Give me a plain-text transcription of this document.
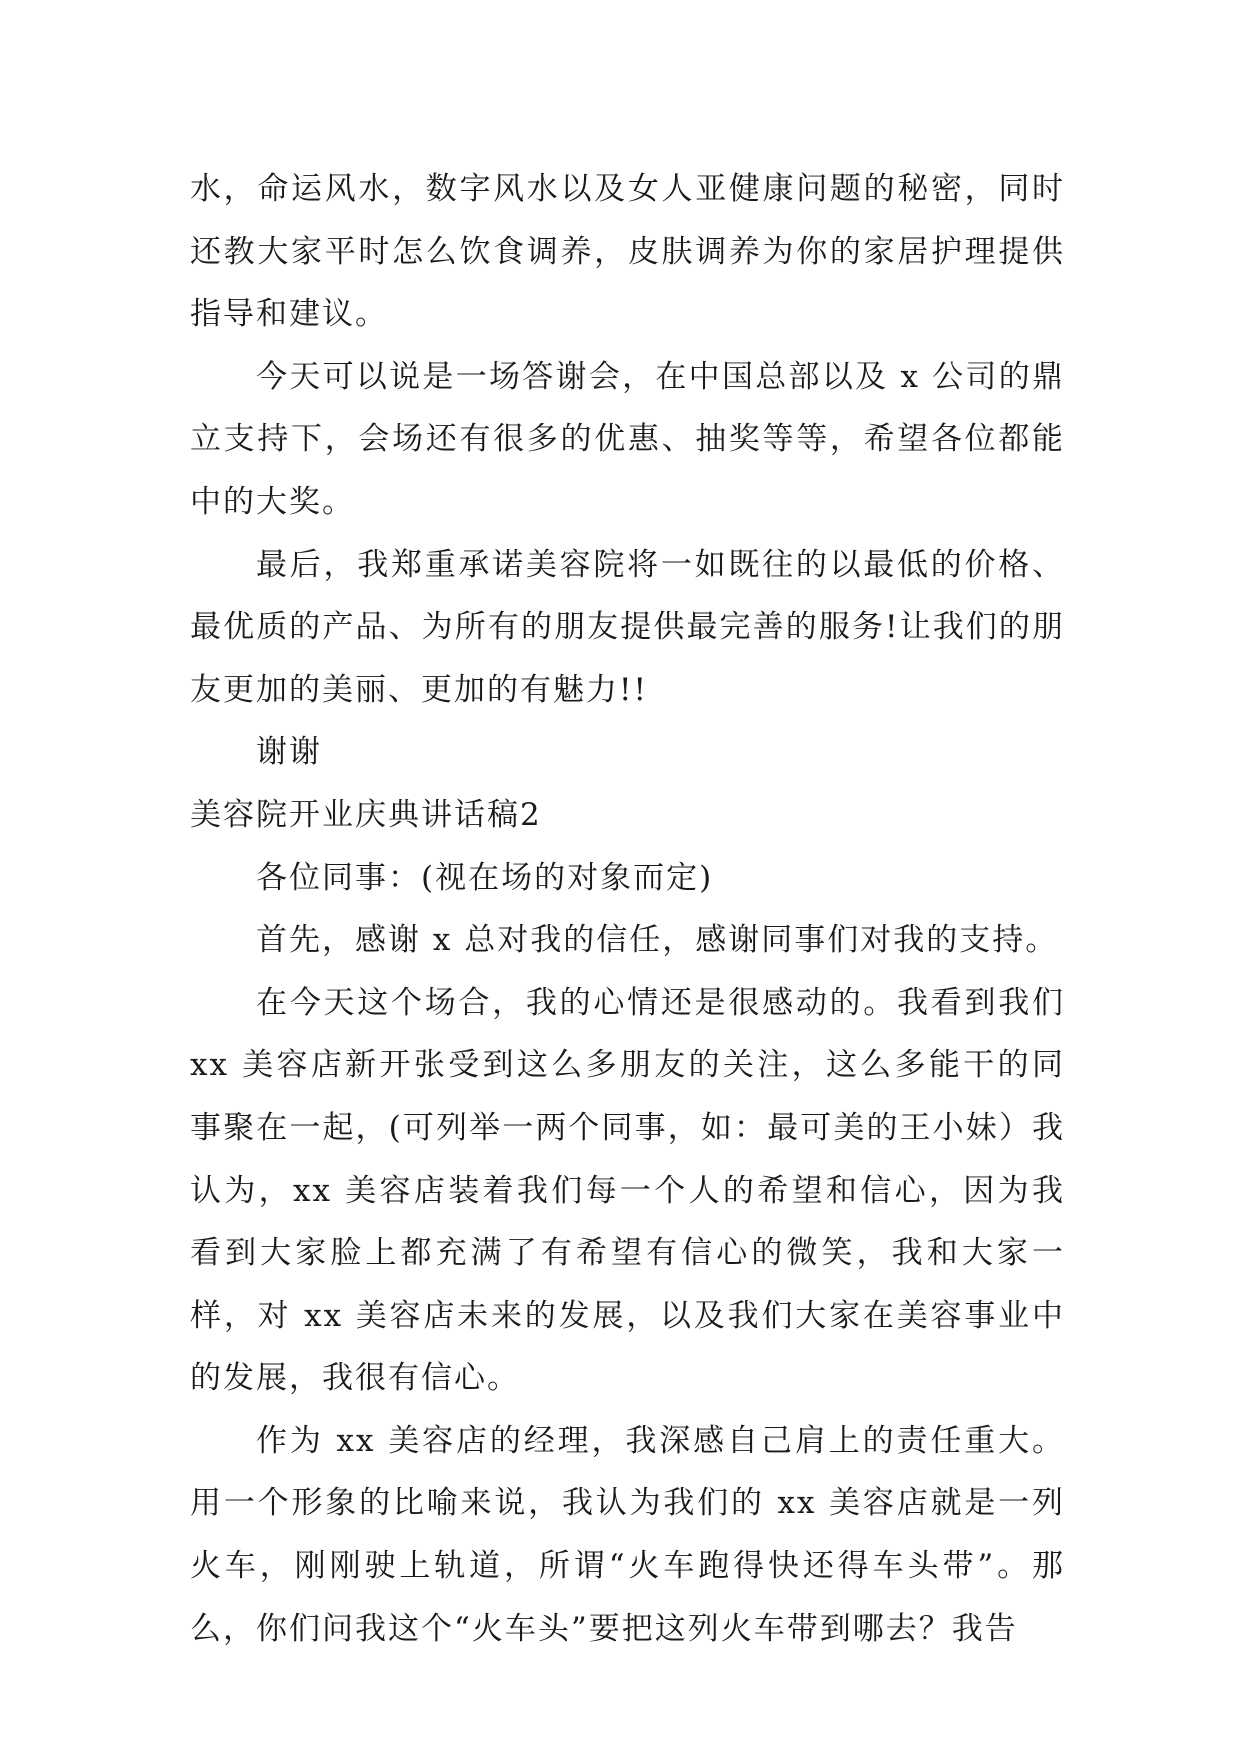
水，命运风水，数字风水以及女人亚健康问题的秘密，同时还教大家平时怎么饮食调养，皮肤调养为你的家居护理提供指导和建议。

今天可以说是一场答谢会，在中国总部以及 x 公司的鼎立支持下，会场还有很多的优惠、抽奖等等，希望各位都能中的大奖。

最后，我郑重承诺美容院将一如既往的以最低的价格、最优质的产品、为所有的朋友提供最完善的服务!让我们的朋友更加的美丽、更加的有魅力!!

谢谢

美容院开业庆典讲话稿2

各位同事：(视在场的对象而定)

首先，感谢 x 总对我的信任，感谢同事们对我的支持。

在今天这个场合，我的心情还是很感动的。我看到我们 xx 美容店新开张受到这么多朋友的关注，这么多能干的同事聚在一起，(可列举一两个同事，如：最可美的王小妹）我认为，xx 美容店装着我们每一个人的希望和信心，因为我看到大家脸上都充满了有希望有信心的微笑，我和大家一样，对 xx 美容店未来的发展，以及我们大家在美容事业中的发展，我很有信心。

作为 xx 美容店的经理，我深感自己肩上的责任重大。用一个形象的比喻来说，我认为我们的 xx 美容店就是一列火车，刚刚驶上轨道，所谓“火车跑得快还得车头带”。那么，你们问我这个“火车头”要把这列火车带到哪去？我告
